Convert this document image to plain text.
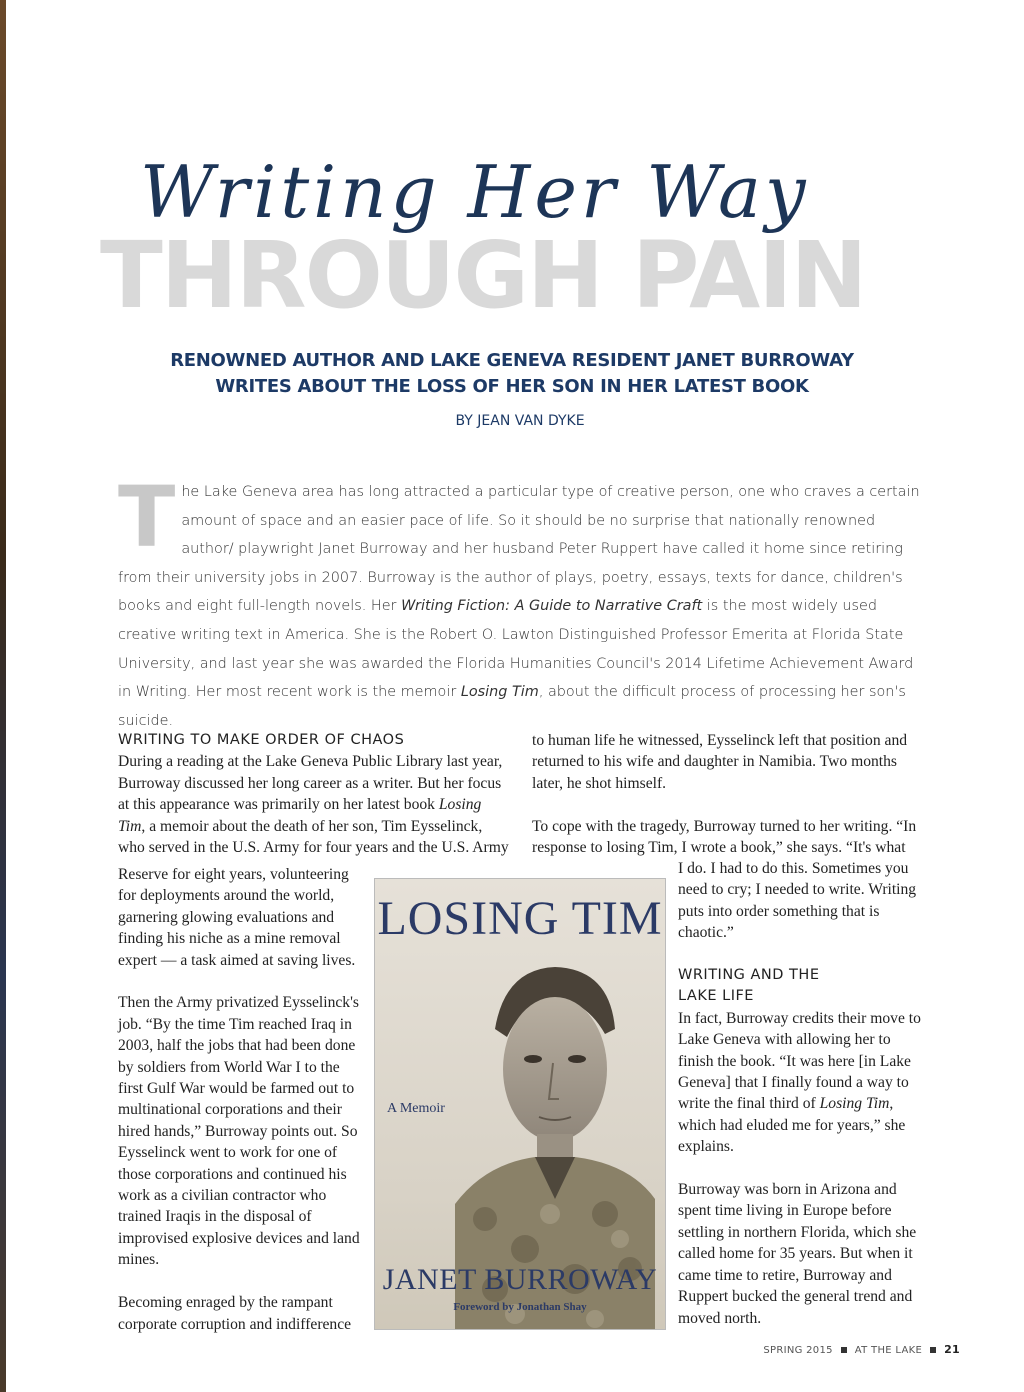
Writing Her Way
THROUGH PAIN
RENOWNED AUTHOR AND LAKE GENEVA RESIDENT JANET BURROWAY
WRITES ABOUT THE LOSS OF HER SON IN HER LATEST BOOK
BY JEAN VAN DYKE
The Lake Geneva area has long attracted a particular type of creative person, one who craves a certain amount of space and an easier pace of life. So it should be no surprise that nationally renowned author/ playwright Janet Burroway and her husband Peter Ruppert have called it home since retiring from their university jobs in 2007. Burroway is the author of plays, poetry, essays, texts for dance, children's books and eight full-length novels. Her Writing Fiction: A Guide to Narrative Craft is the most widely used creative writing text in America. She is the Robert O. Lawton Distinguished Professor Emerita at Florida State University, and last year she was awarded the Florida Humanities Council's 2014 Lifetime Achievement Award in Writing. Her most recent work is the memoir Losing Tim, about the difficult process of processing her son's suicide.
WRITING TO MAKE ORDER OF CHAOS

During a reading at the Lake Geneva Public Library last year, Burroway discussed her long career as a writer. But her focus at this appearance was primarily on her latest book Losing Tim, a memoir about the death of her son, Tim Eysselinck, who served in the U.S. Army for four years and the U.S. Army

Reserve for eight years, volunteering for deployments around the world, garnering glowing evaluations and finding his niche as a mine removal expert — a task aimed at saving lives.

Then the Army privatized Eysselinck's job. “By the time Tim reached Iraq in 2003, half the jobs that had been done by soldiers from World War I to the first Gulf War would be farmed out to multinational corporations and their hired hands,” Burroway points out. So Eysselinck went to work for one of those corporations and continued his work as a civilian contractor who trained Iraqis in the disposal of improvised explosive devices and land mines.

Becoming enraged by the rampant corporate corruption and indifference

to human life he witnessed, Eysselinck left that position and returned to his wife and daughter in Namibia. Two months later, he shot himself.

To cope with the tragedy, Burroway turned to her writing. “In response to losing Tim, I wrote a book,” she says. “It's what

I do. I had to do this. Sometimes you need to cry; I needed to write. Writing puts into order something that is chaotic.”

WRITING AND THE LAKE LIFE

In fact, Burroway credits their move to Lake Geneva with allowing her to finish the book. “It was here [in Lake Geneva] that I finally found a way to write the final third of Losing Tim, which had eluded me for years,” she explains.

Burroway was born in Arizona and spent time living in Europe before settling in northern Florida, which she called home for 35 years. But when it came time to retire, Burroway and Ruppert bucked the general trend and moved north.

LOSING TIM
A Memoir
JANET BURROWAY
Foreword by Jonathan Shay
SPRING 2015 AT THE LAKE 21
